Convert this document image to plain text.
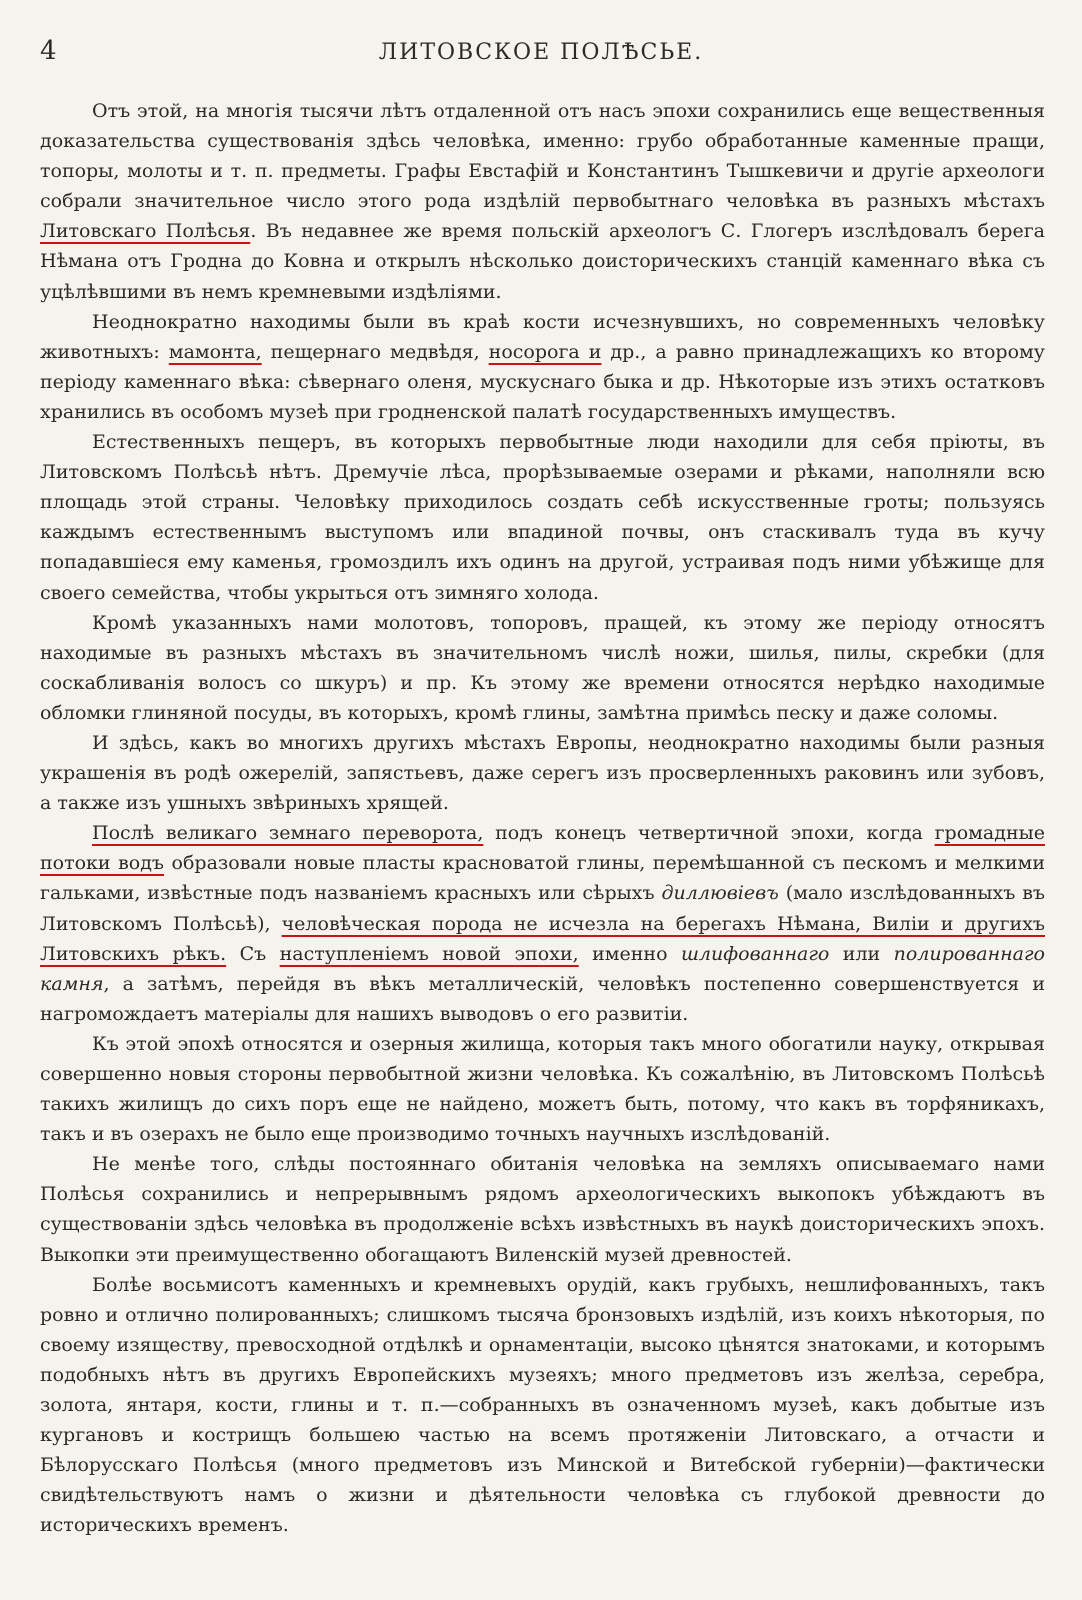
4	ЛИТОВСКОЕ ПОЛѢСЬЕ.

Отъ этой, на многія тысячи лѣтъ отдаленной отъ насъ эпохи сохранились еще вещественныя доказательства существованія здѣсь человѣка, именно: грубо обработанные каменные пращи, топоры, молоты и т. п. предметы. Графы Евстафій и Константинъ Тышкевичи и другіе археологи собрали значительное число этого рода издѣлій первобытнаго человѣка въ разныхъ мѣстахъ Литовскаго Полѣсья. Въ недавнее же время польскій археологъ С. Глогеръ изслѣдовалъ берега Нѣмана отъ Гродна до Ковна и открылъ нѣсколько доисторическихъ станцій каменнаго вѣка съ уцѣлѣвшими въ немъ кремневыми издѣліями.

Неоднократно находимы были въ краѣ кости исчезнувшихъ, но современныхъ человѣку животныхъ: мамонта, пещернаго медвѣдя, носорога и др., а равно принадлежащихъ ко второму періоду каменнаго вѣка: сѣвернаго оленя, мускуснаго быка и др. Нѣкоторые изъ этихъ остатковъ хранились въ особомъ музеѣ при гродненской палатѣ государственныхъ имуществъ.

Естественныхъ пещеръ, въ которыхъ первобытные люди находили для себя пріюты, въ Литовскомъ Полѣсьѣ нѣтъ. Дремучіе лѣса, прорѣзываемые озерами и рѣками, наполняли всю площадь этой страны. Человѣку приходилось создать себѣ искусственные гроты; пользуясь каждымъ естественнымъ выступомъ или впадиной почвы, онъ стаскивалъ туда въ кучу попадавшіеся ему каменья, громоздилъ ихъ одинъ на другой, устраивая подъ ними убѣжище для своего семейства, чтобы укрыться отъ зимняго холода.

Кромѣ указанныхъ нами молотовъ, топоровъ, пращей, къ этому же періоду относятъ находимые въ разныхъ мѣстахъ въ значительномъ числѣ ножи, шилья, пилы, скребки (для соскабливанія волосъ со шкуръ) и пр. Къ этому же времени относятся нерѣдко находимые обломки глиняной посуды, въ которыхъ, кромѣ глины, замѣтна примѣсь песку и даже соломы.

И здѣсь, какъ во многихъ другихъ мѣстахъ Европы, неоднократно находимы были разныя украшенія въ родѣ ожерелій, запястьевъ, даже серегъ изъ просверленныхъ раковинъ или зубовъ, а также изъ ушныхъ звѣриныхъ хрящей.

Послѣ великаго земнаго переворота, подъ конецъ четвертичной эпохи, когда громадные потоки водъ образовали новые пласты красноватой глины, перемѣшанной съ пескомъ и мелкими гальками, извѣстные подъ названіемъ красныхъ или сѣрыхъ диллювіевъ (мало изслѣдованныхъ въ Литовскомъ Полѣсьѣ), человѣческая порода не исчезла на берегахъ Нѣмана, Виліи и другихъ Литовскихъ рѣкъ. Съ наступленіемъ новой эпохи, именно шлифованнаго или полированнаго камня, а затѣмъ, перейдя въ вѣкъ металлическій, человѣкъ постепенно совершенствуется и нагромождаетъ матеріалы для нашихъ выводовъ о его развитіи.

Къ этой эпохѣ относятся и озерныя жилища, которыя такъ много обогатили науку, открывая совершенно новыя стороны первобытной жизни человѣка. Къ сожалѣнію, въ Литовскомъ Полѣсьѣ такихъ жилищъ до сихъ поръ еще не найдено, можетъ быть, потому, что какъ въ торфяникахъ, такъ и въ озерахъ не было еще производимо точныхъ научныхъ изслѣдованій.

Не менѣе того, слѣды постояннаго обитанія человѣка на земляхъ описываемаго нами Полѣсья сохранились и непрерывнымъ рядомъ археологическихъ выкопокъ убѣждаютъ въ существованіи здѣсь человѣка въ продолженіе всѣхъ извѣстныхъ въ наукѣ доисторическихъ эпохъ. Выкопки эти преимущественно обогащаютъ Виленскій музей древностей.

Болѣе восьмисотъ каменныхъ и кремневыхъ орудій, какъ грубыхъ, нешлифованныхъ, такъ ровно и отлично полированныхъ; слишкомъ тысяча бронзовыхъ издѣлій, изъ коихъ нѣкоторыя, по своему изяществу, превосходной отдѣлкѣ и орнаментаціи, высоко цѣнятся знатоками, и которымъ подобныхъ нѣтъ въ другихъ Европейскихъ музеяхъ; много предметовъ изъ желѣза, серебра, золота, янтаря, кости, глины и т. п.—собранныхъ въ означенномъ музеѣ, какъ добытые изъ кургановъ и кострищъ большею частью на всемъ протяженіи Литовскаго, а отчасти и Бѣлорусскаго Полѣсья (много предметовъ изъ Минской и Витебской губерніи)—фактически свидѣтельствуютъ намъ о жизни и дѣятельности человѣка съ глубокой древности до историческихъ временъ.
